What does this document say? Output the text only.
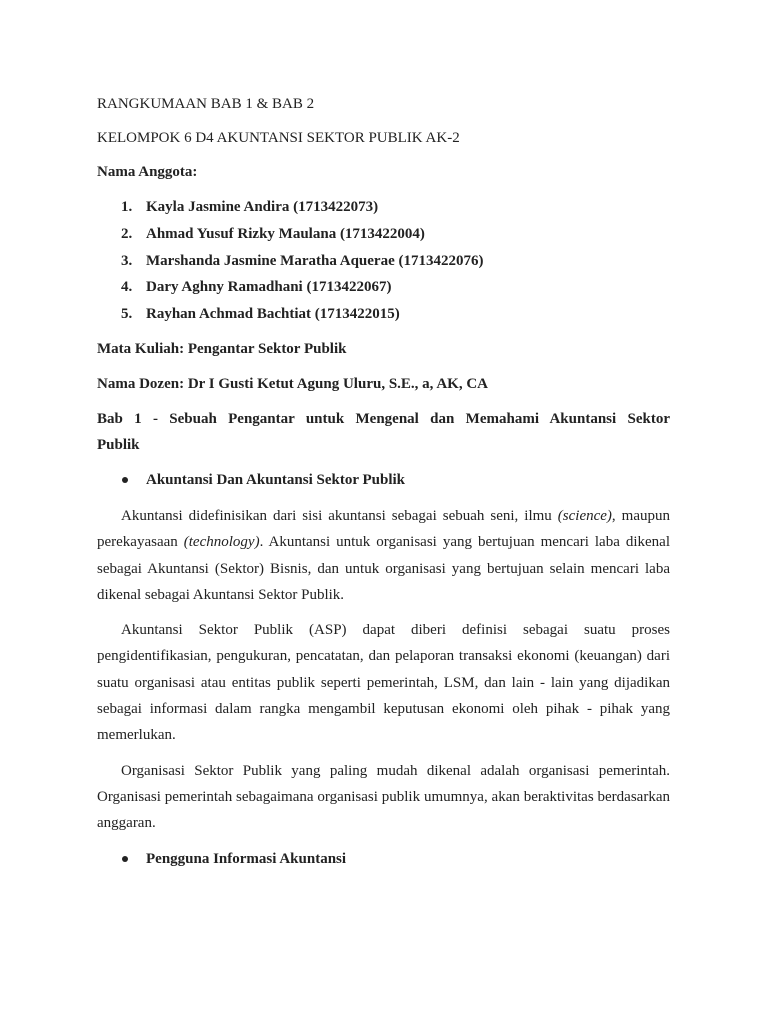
RANGKUMAAN BAB 1 & BAB 2

KELOMPOK 6 D4 AKUNTANSI SEKTOR PUBLIK AK-2

Nama Anggota:

1. Kayla Jasmine Andira (1713422073)
2. Ahmad Yusuf Rizky Maulana (1713422004)
3. Marshanda Jasmine Maratha Aquerae (1713422076)
4. Dary Aghny Ramadhani (1713422067)
5. Rayhan Achmad Bachtiat (1713422015)

Mata Kuliah: Pengantar Sektor Publik

Nama Dozen: Dr I Gusti Ketut Agung Uluru, S.E., a, AK, CA

Bab 1 - Sebuah Pengantar untuk Mengenal dan Memahami Akuntansi Sektor
Publik
Akuntansi Dan Akuntansi Sektor Publik

Akuntansi didefinisikan dari sisi akuntansi sebagai sebuah seni, ilmu (science), maupun perekayasaan (technology). Akuntansi untuk organisasi yang bertujuan mencari laba dikenal sebagai Akuntansi (Sektor) Bisnis, dan untuk organisasi yang bertujuan selain mencari laba dikenal sebagai Akuntansi Sektor Publik.

Akuntansi Sektor Publik (ASP) dapat diberi definisi sebagai suatu proses pengidentifikasian, pengukuran, pencatatan, dan pelaporan transaksi ekonomi (keuangan) dari suatu organisasi atau entitas publik seperti pemerintah, LSM, dan lain - lain yang dijadikan sebagai informasi dalam rangka mengambil keputusan ekonomi oleh pihak - pihak yang memerlukan.

Organisasi Sektor Publik yang paling mudah dikenal adalah organisasi pemerintah. Organisasi pemerintah sebagaimana organisasi publik umumnya, akan beraktivitas berdasarkan anggaran.

Pengguna Informasi Akuntansi
